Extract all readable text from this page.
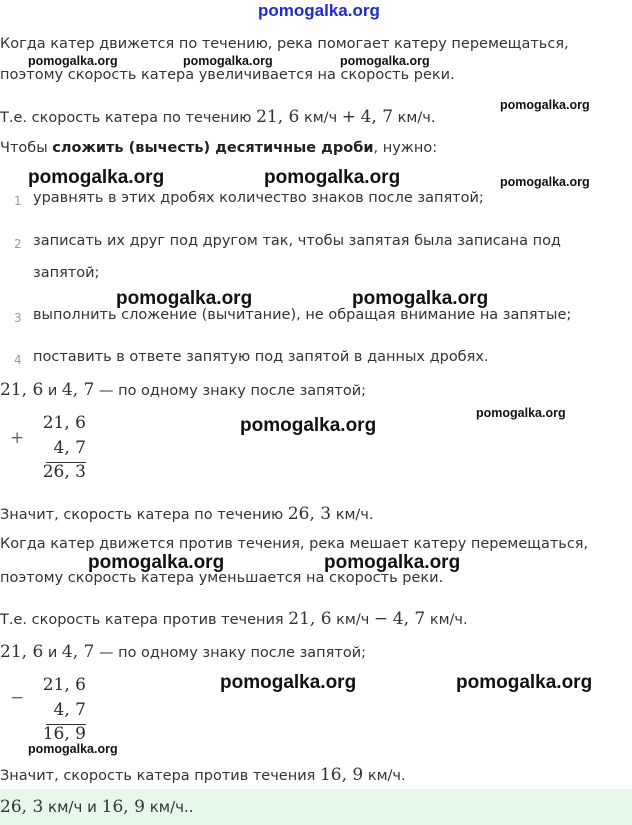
pomogalka.org
Когда катер движется по течению, река помогает катеру перемещаться,
поэтому скорость катера увеличивается на скорость реки.
pomogalka.org	pomogalka.org	pomogalka.org
pomogalka.org
Т.е. скорость катера по течению 21, 6 км/ч + 4, 7 км/ч.
Чтобы сложить (вычесть) десятичные дроби, нужно:
pomogalka.org	pomogalka.org	pomogalka.org
1 уравнять в этих дробях количество знаков после запятой;
2 записать их друг под другом так, чтобы запятая была записана под
запятой;
pomogalka.org	pomogalka.org
3 выполнить сложение (вычитание), не обращая внимание на запятые;
4 поставить в ответе запятую под запятой в данных дробях.
21, 6 и 4, 7 — по одному знаку после запятой;
pomogalka.org
pomogalka.org
+
21, 6
4, 7
26, 3
Значит, скорость катера по течению 26, 3 км/ч.
Когда катер движется против течения, река мешает катеру перемещаться,
pomogalka.org	pomogalka.org
поэтому скорость катера уменьшается на скорость реки.
Т.е. скорость катера против течения 21, 6 км/ч − 4, 7 км/ч.
21, 6 и 4, 7 — по одному знаку после запятой;
pomogalka.org	pomogalka.org
−
21, 6
4, 7
16, 9
pomogalka.org
Значит, скорость катера против течения 16, 9 км/ч.
26, 3 км/ч и 16, 9 км/ч..
